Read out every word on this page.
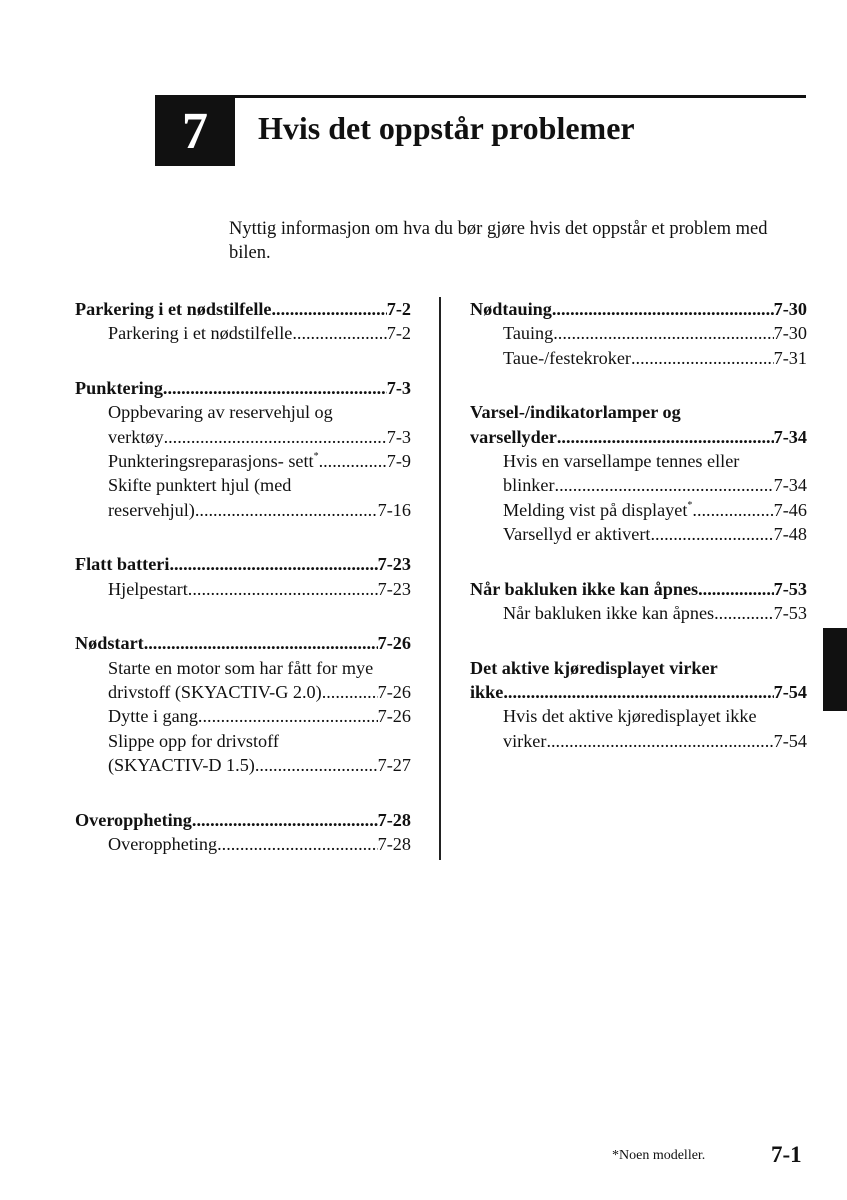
7 Hvis det oppstår problemer
Nyttig informasjon om hva du bør gjøre hvis det oppstår et problem med bilen.
Parkering i et nødstilfelle .....	7-2
Parkering i et nødstilfelle .....	7-2
Punktering .....	7-3
Oppbevaring av reservehjul og
verktøy .....	7-3
Punkteringsreparasjons- sett* .....	7-9
Skifte punktert hjul (med
reservehjul) .....	7-16
Flatt batteri .....	7-23
Hjelpestart .....	7-23
Nødstart .....	7-26
Starte en motor som har fått for mye
drivstoff (SKYACTIV-G 2.0) .....	7-26
Dytte i gang .....	7-26
Slippe opp for drivstoff
(SKYACTIV-D 1.5) .....	7-27
Overoppheting .....	7-28
Overoppheting .....	7-28
Nødtauing .....	7-30
Tauing .....	7-30
Taue-/festekroker .....	7-31
Varsel-/indikatorlamper og
varsellyder .....	7-34
Hvis en varsellampe tennes eller
blinker .....	7-34
Melding vist på displayet* .....	7-46
Varsellyd er aktivert .....	7-48
Når bakluken ikke kan åpnes .....	7-53
Når bakluken ikke kan åpnes .....	7-53
Det aktive kjøredisplayet virker
ikke .....	7-54
Hvis det aktive kjøredisplayet ikke
virker .....	7-54
*Noen modeller.	7-1
